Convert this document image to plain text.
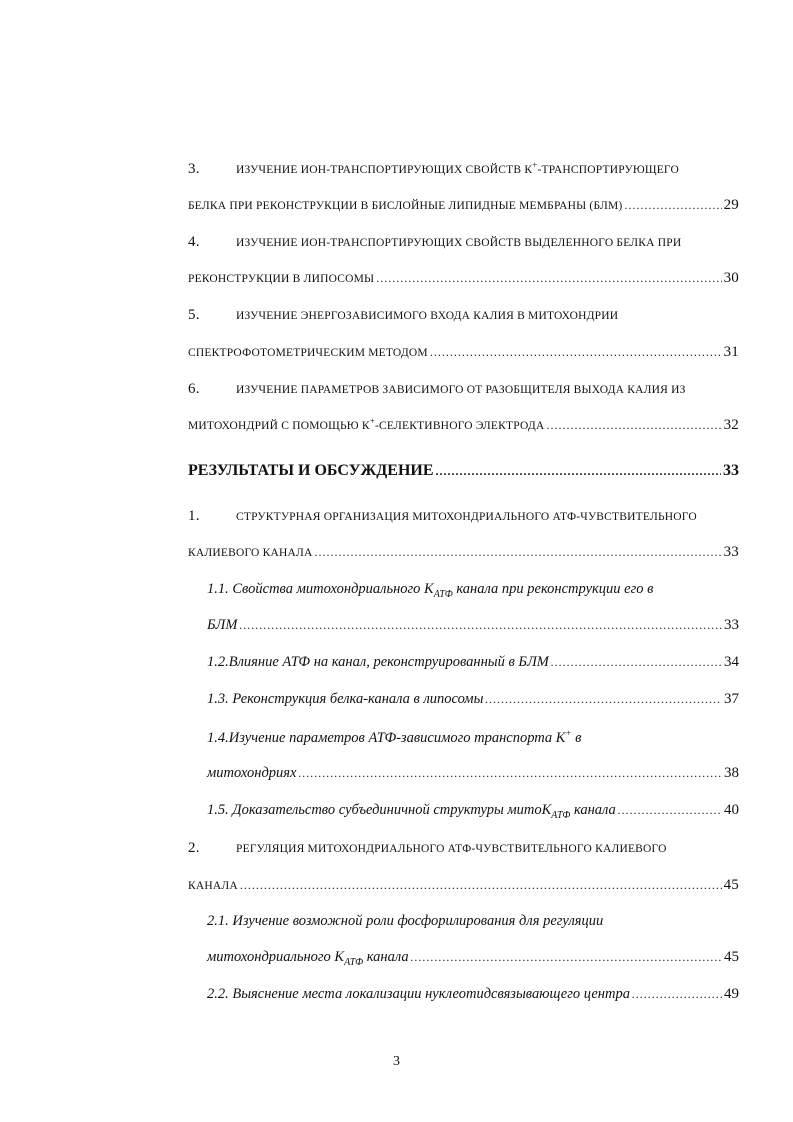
3.	ИЗУЧЕНИЕ ИОН-ТРАНСПОРТИРУЮЩИХ СВОЙСТВ К+-ТРАНСПОРТИРУЮЩЕГО
БЕЛКА ПРИ РЕКОНСТРУКЦИИ В БИСЛОЙНЫЕ ЛИПИДНЫЕ МЕМБРАНЫ (БЛМ) .....	29
4.	ИЗУЧЕНИЕ ИОН-ТРАНСПОРТИРУЮЩИХ СВОЙСТВ ВЫДЕЛЕННОГО БЕЛКА ПРИ
РЕКОНСТРУКЦИИ В ЛИПОСОМЫ .....	30
5.	ИЗУЧЕНИЕ ЭНЕРГОЗАВИСИМОГО ВХОДА КАЛИЯ В МИТОХОНДРИИ
СПЕКТРОФОТОМЕТРИЧЕСКИМ МЕТОДОМ .....	31
6.	ИЗУЧЕНИЕ ПАРАМЕТРОВ ЗАВИСИМОГО ОТ РАЗОБЩИТЕЛЯ ВЫХОДА КАЛИЯ ИЗ
МИТОХОНДРИЙ С ПОМОЩЬЮ К+-СЕЛЕКТИВНОГО ЭЛЕКТРОДА .....	32
РЕЗУЛЬТАТЫ И ОБСУЖДЕНИЕ .....	33
1.	СТРУКТУРНАЯ ОРГАНИЗАЦИЯ МИТОХОНДРИАЛЬНОГО АТФ-ЧУВСТВИТЕЛЬНОГО
КАЛИЕВОГО КАНАЛА .....	33
1.1. Свойства митохондриального $К_{АТФ}$ канала при реконструкции его в
БЛМ .....	33
1.2.Влияние АТФ на канал, реконструированный в БЛМ .....	34
1.3. Реконструкция белка-канала в липосомы .....	37
1.4.Изучение параметров АТФ-зависимого транспорта К+ в
митохондриях .....	38
1.5. Доказательство субъединичной структуры митоК$_{АТФ}$ канала .....	40
2.	РЕГУЛЯЦИЯ МИТОХОНДРИАЛЬНОГО АТФ-ЧУВСТВИТЕЛЬНОГО КАЛИЕВОГО
КАНАЛА .....	45
2.1. Изучение возможной роли фосфорилирования для регуляции
митохондриального $К_{АТФ}$ канала .....	45
2.2. Выяснение места локализации нуклеотидсвязывающего центра .....	49
3
